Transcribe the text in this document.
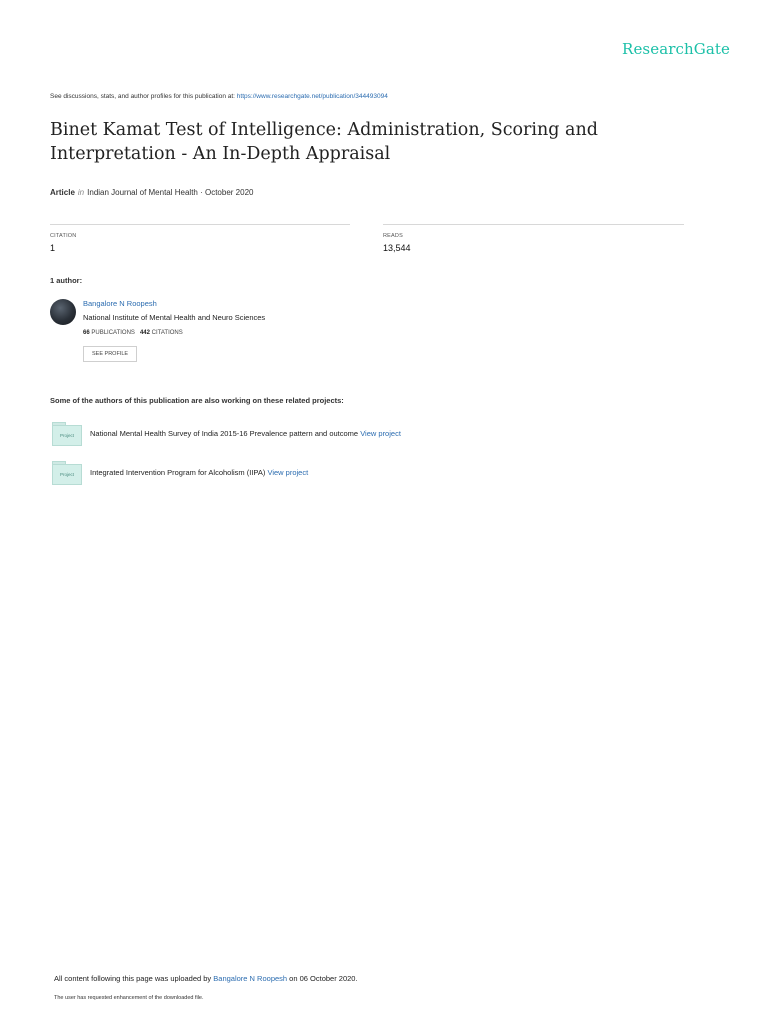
ResearchGate
See discussions, stats, and author profiles for this publication at: https://www.researchgate.net/publication/344493094
Binet Kamat Test of Intelligence: Administration, Scoring and Interpretation - An In-Depth Appraisal
Article in Indian Journal of Mental Health · October 2020
CITATION
1
READS
13,544
1 author:
Bangalore N Roopesh
National Institute of Mental Health and Neuro Sciences
66 PUBLICATIONS 442 CITATIONS
SEE PROFILE
Some of the authors of this publication are also working on these related projects:
Project	National Mental Health Survey of India 2015-16 Prevalence pattern and outcome View project
Project	Integrated Intervention Program for Alcoholism (IIPA) View project
All content following this page was uploaded by Bangalore N Roopesh on 06 October 2020.
The user has requested enhancement of the downloaded file.
